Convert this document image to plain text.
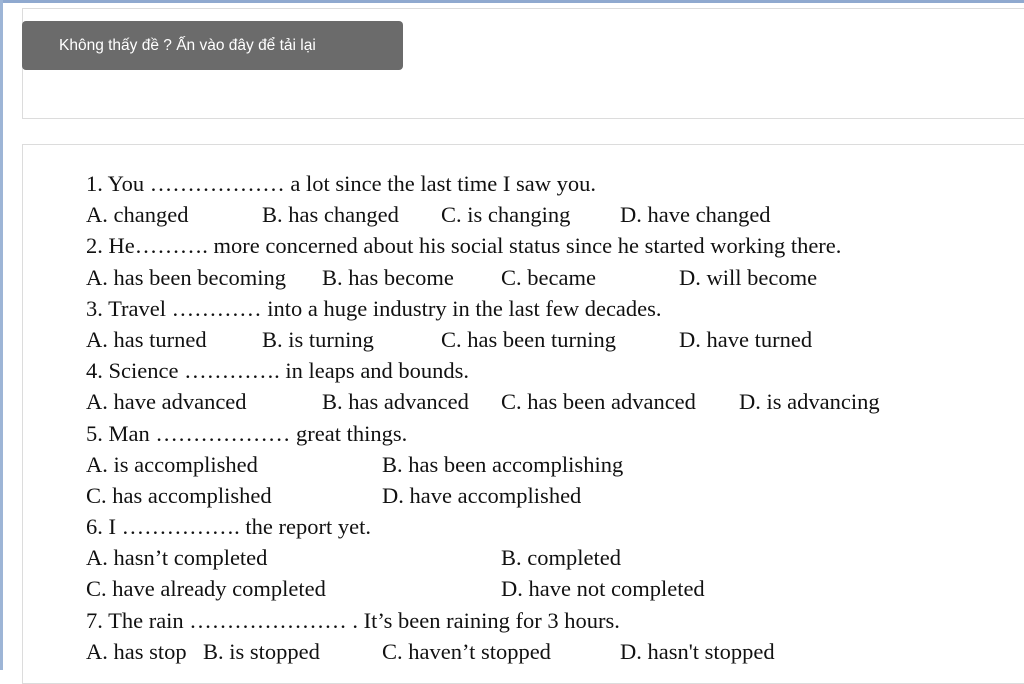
Không thấy đề ? Ấn vào đây để tải lại
1. You ……………… a lot since the last time I saw you.
A. changed	B. has changed C. is changing D. have changed
2. He………. more concerned about his social status since he started working there.
A. has been becoming B. has become C. became	D. will become
3. Travel ………… into a huge industry in the last few decades.
A. has turned B. is turning	C. has been turning	D. have turned
4. Science …………. in leaps and bounds.
A. have advanced	B. has advanced C. has been advanced D. is advancing
5. Man ……………… great things.
A. is accomplished	B. has been accomplishing
C. has accomplished	D. have accomplished
6. I ……………. the report yet.
A. hasn’t completed	B. completed
C. have already completed	D. have not completed
7. The rain ………………… . It’s been raining for 3 hours.
A. has stop B. is stopped	C. haven’t stopped	D. hasn't stopped
